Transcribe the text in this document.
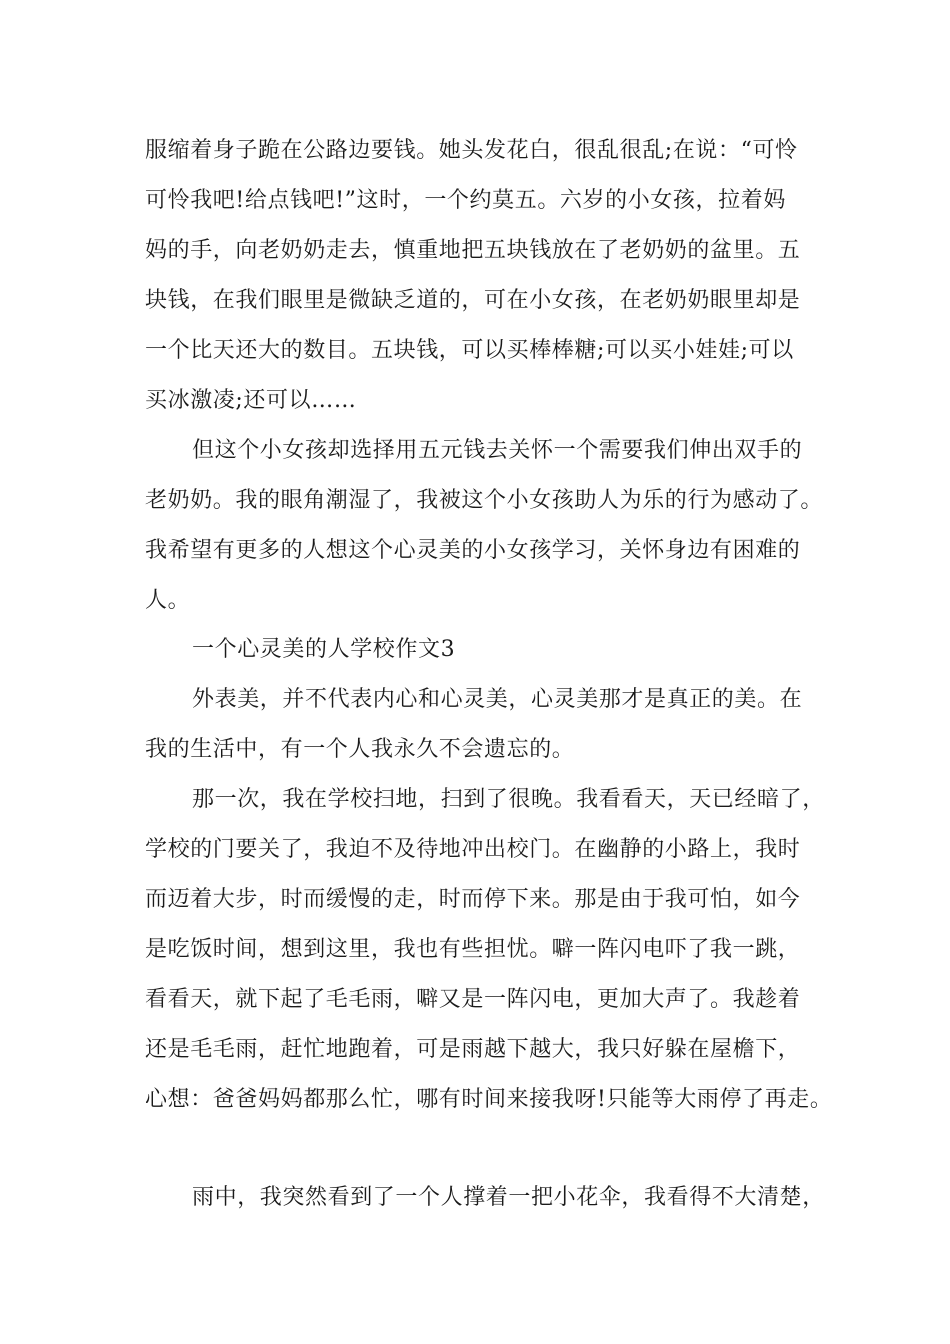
服缩着身子跪在公路边要钱。她头发花白，很乱很乱;在说：“可怜
可怜我吧!给点钱吧!”这时，一个约莫五。六岁的小女孩，拉着妈
妈的手，向老奶奶走去，慎重地把五块钱放在了老奶奶的盆里。五
块钱，在我们眼里是微缺乏道的，可在小女孩，在老奶奶眼里却是
一个比天还大的数目。五块钱，可以买棒棒糖;可以买小娃娃;可以
买冰激凌;还可以……
但这个小女孩却选择用五元钱去关怀一个需要我们伸出双手的
老奶奶。我的眼角潮湿了，我被这个小女孩助人为乐的行为感动了。
我希望有更多的人想这个心灵美的小女孩学习，关怀身边有困难的
人。
一个心灵美的人学校作文3
外表美，并不代表内心和心灵美，心灵美那才是真正的美。在
我的生活中，有一个人我永久不会遗忘的。
那一次，我在学校扫地，扫到了很晚。我看看天，天已经暗了，
学校的门要关了，我迫不及待地冲出校门。在幽静的小路上，我时
而迈着大步，时而缓慢的走，时而停下来。那是由于我可怕，如今
是吃饭时间，想到这里，我也有些担忧。噼一阵闪电吓了我一跳，
看看天，就下起了毛毛雨，噼又是一阵闪电，更加大声了。我趁着
还是毛毛雨，赶忙地跑着，可是雨越下越大，我只好躲在屋檐下，
心想：爸爸妈妈都那么忙，哪有时间来接我呀!只能等大雨停了再走。
雨中，我突然看到了一个人撑着一把小花伞，我看得不大清楚，
